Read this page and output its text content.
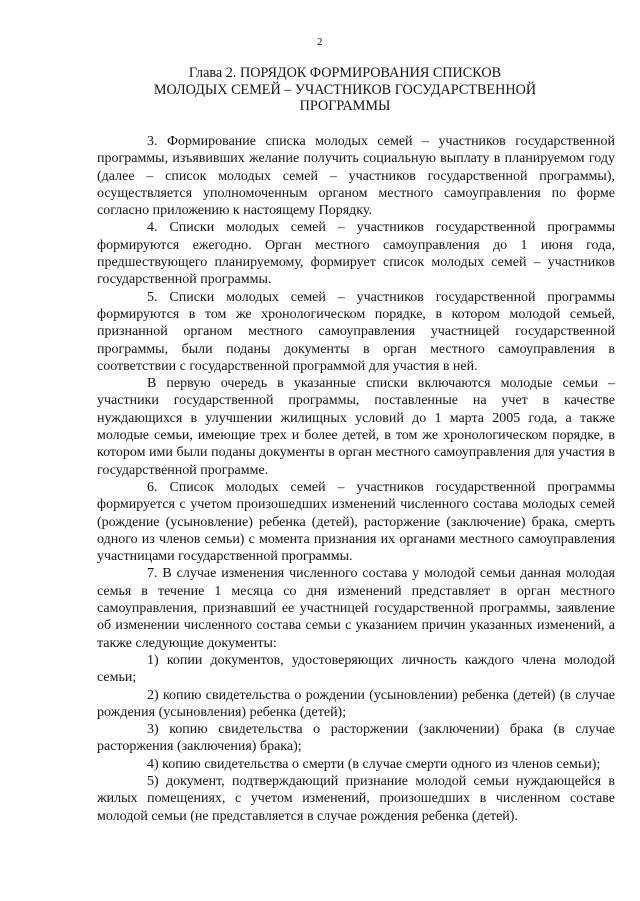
2
Глава 2. ПОРЯДОК ФОРМИРОВАНИЯ СПИСКОВ
МОЛОДЫХ СЕМЕЙ – УЧАСТНИКОВ ГОСУДАРСТВЕННОЙ
ПРОГРАММЫ

3. Формирование списка молодых семей – участников государственной программы, изъявивших желание получить социальную выплату в планируемом году (далее – список молодых семей – участников государственной программы), осуществляется уполномоченным органом местного самоуправления по форме согласно приложению к настоящему Порядку.

4. Списки молодых семей – участников государственной программы формируются ежегодно. Орган местного самоуправления до 1 июня года, предшествующего планируемому, формирует список молодых семей – участников государственной программы.

5. Списки молодых семей – участников государственной программы формируются в том же хронологическом порядке, в котором молодой семьей, признанной органом местного самоуправления участницей государственной программы, были поданы документы в орган местного самоуправления в соответствии с государственной программой для участия в ней.

В первую очередь в указанные списки включаются молодые семьи – участники государственной программы, поставленные на учет в качестве нуждающихся в улучшении жилищных условий до 1 марта 2005 года, а также молодые семьи, имеющие трех и более детей, в том же хронологическом порядке, в котором ими были поданы документы в орган местного самоуправления для участия в государственной программе.

6. Список молодых семей – участников государственной программы формируется с учетом произошедших изменений численного состава молодых семей (рождение (усыновление) ребенка (детей), расторжение (заключение) брака, смерть одного из членов семьи) с момента признания их органами местного самоуправления участницами государственной программы.

7. В случае изменения численного состава у молодой семьи данная молодая семья в течение 1 месяца со дня изменений представляет в орган местного самоуправления, признавший ее участницей государственной программы, заявление об изменении численного состава семьи с указанием причин указанных изменений, а также следующие документы:

1) копии документов, удостоверяющих личность каждого члена молодой семьи;

2) копию свидетельства о рождении (усыновлении) ребенка (детей) (в случае рождения (усыновления) ребенка (детей);

3) копию свидетельства о расторжении (заключении) брака (в случае расторжения (заключения) брака);

4) копию свидетельства о смерти (в случае смерти одного из членов семьи);

5) документ, подтверждающий признание молодой семьи нуждающейся в жилых помещениях, с учетом изменений, произошедших в численном составе молодой семьи (не представляется в случае рождения ребенка (детей).
